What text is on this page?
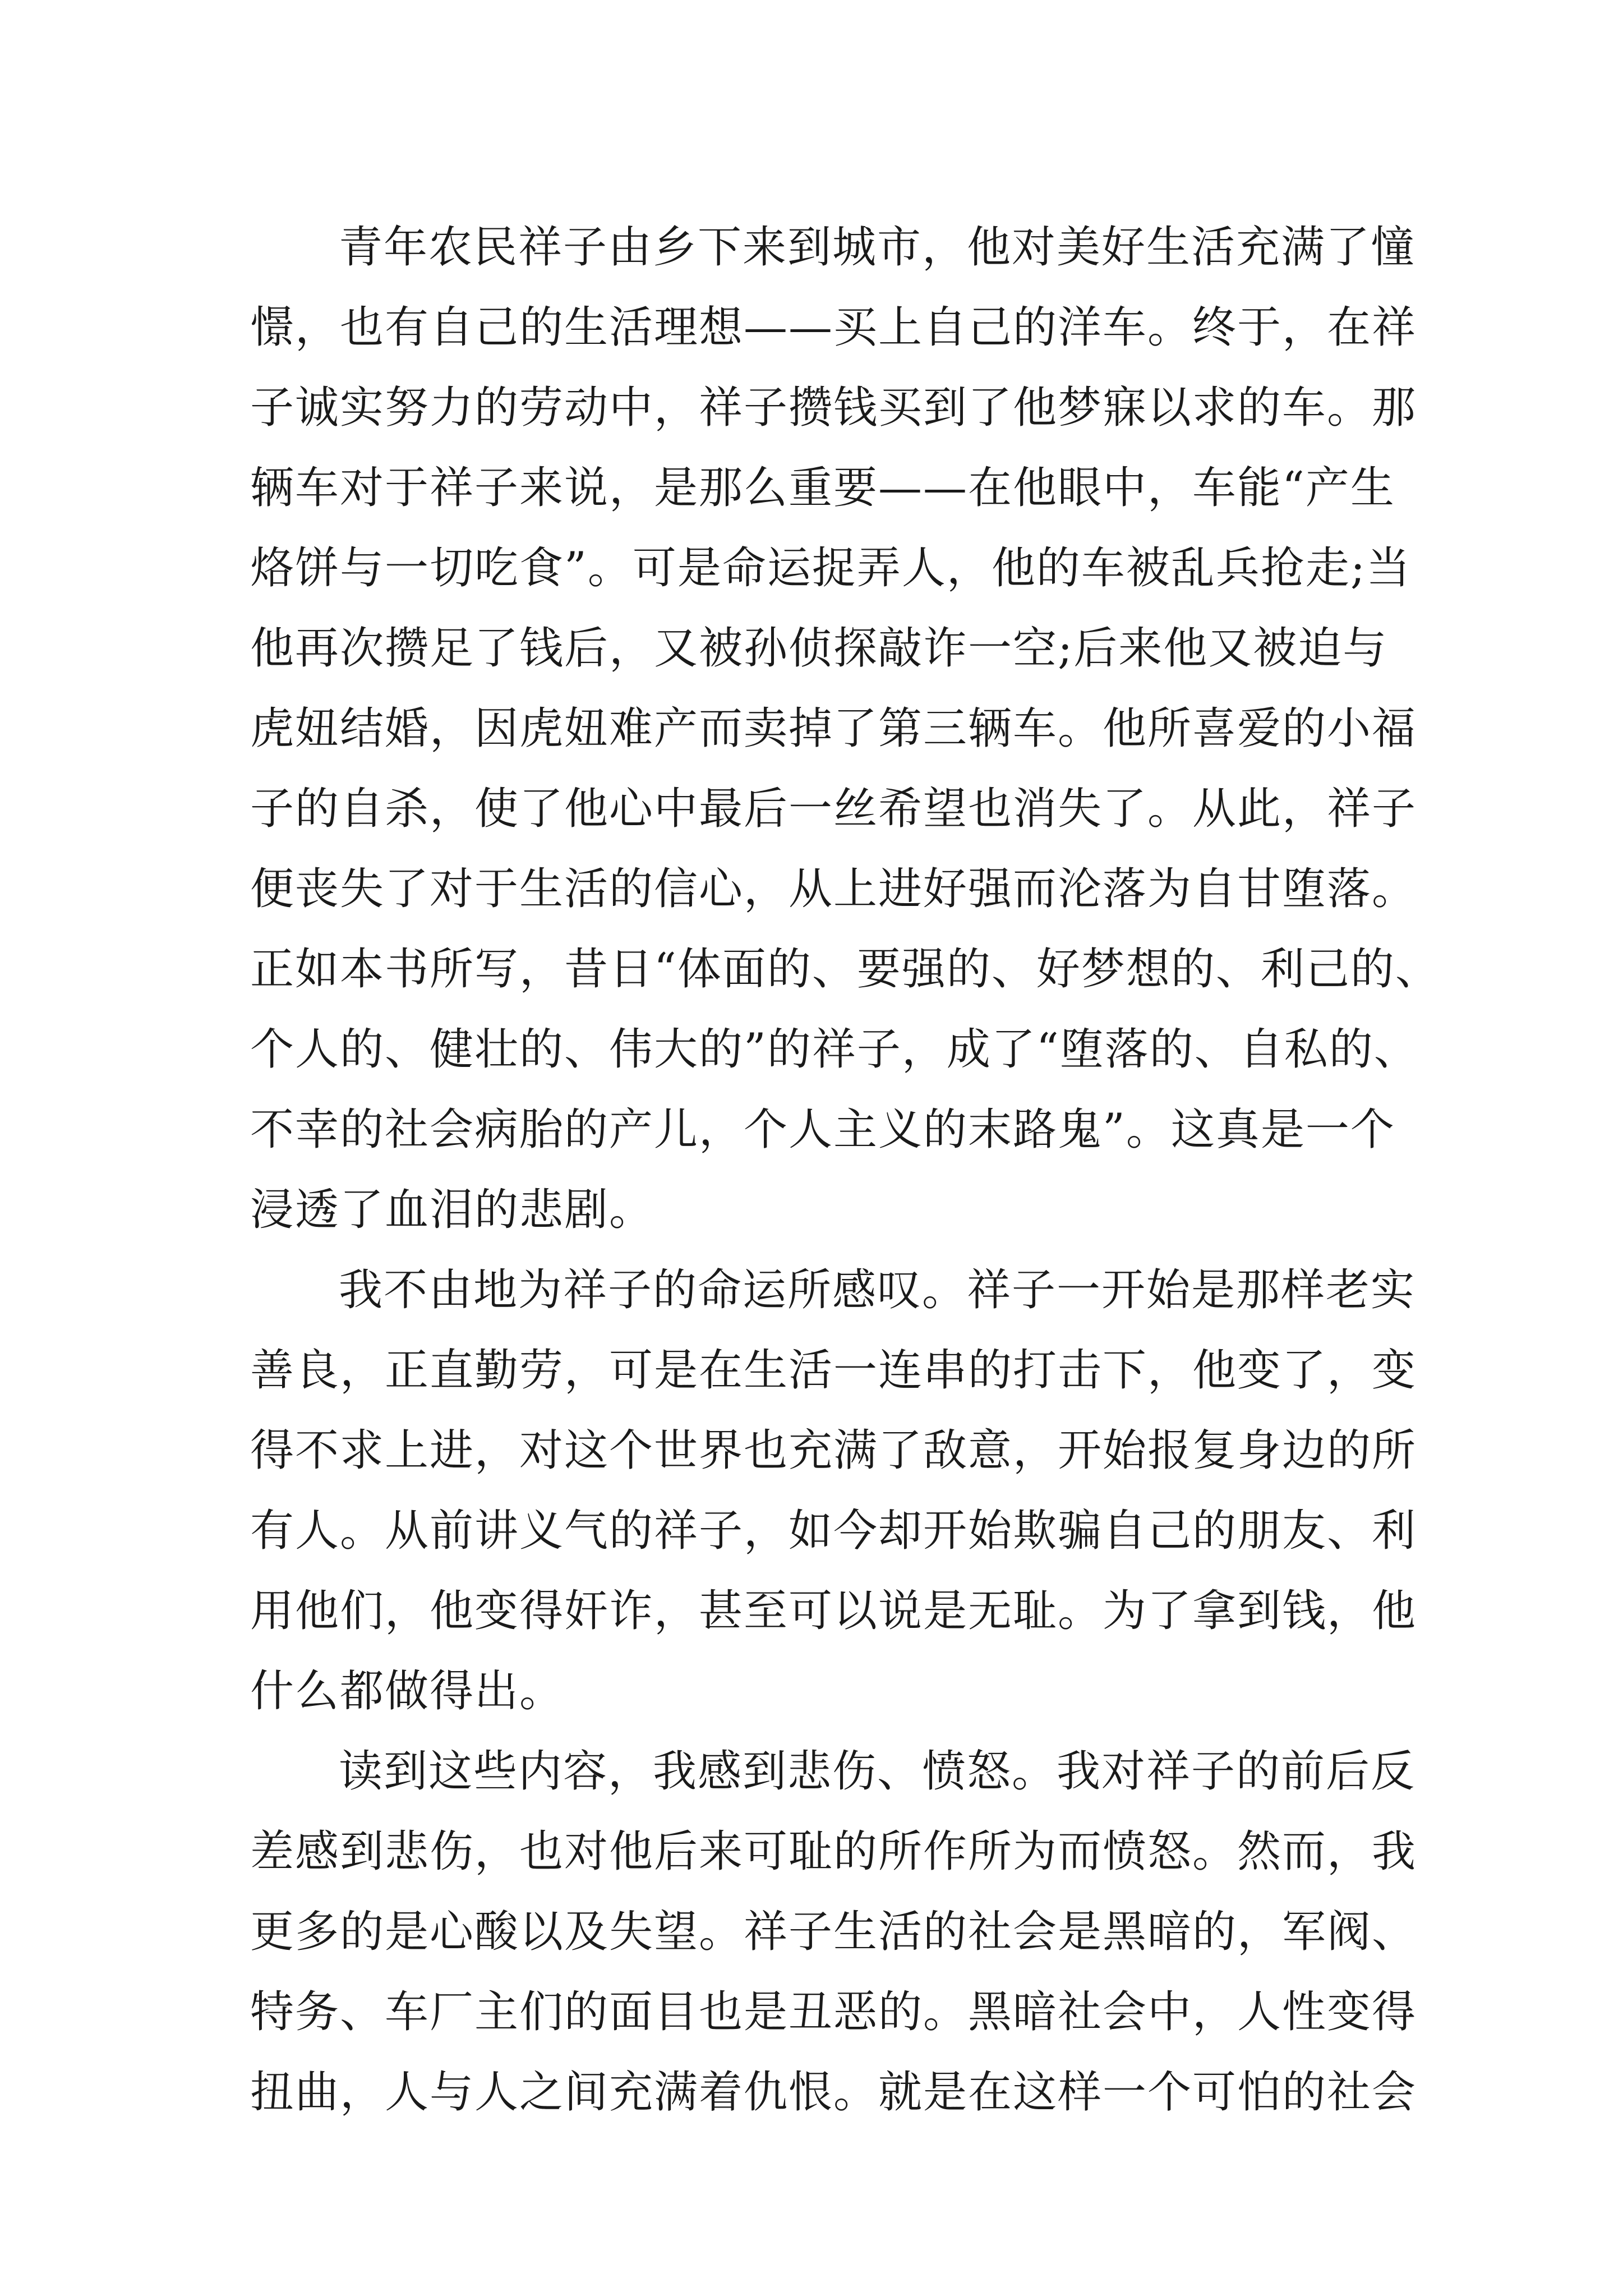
青年农民祥子由乡下来到城市，他对美好生活充满了憧
憬，也有自己的生活理想——买上自己的洋车。终于，在祥
子诚实努力的劳动中，祥子攒钱买到了他梦寐以求的车。那
辆车对于祥子来说，是那么重要——在他眼中，车能“产生
烙饼与一切吃食”。可是命运捉弄人，他的车被乱兵抢走;当
他再次攒足了钱后，又被孙侦探敲诈一空;后来他又被迫与
虎妞结婚，因虎妞难产而卖掉了第三辆车。他所喜爱的小福
子的自杀，使了他心中最后一丝希望也消失了。从此，祥子
便丧失了对于生活的信心，从上进好强而沦落为自甘堕落。
正如本书所写，昔日“体面的、要强的、好梦想的、利己的、
个人的、健壮的、伟大的”的祥子，成了“堕落的、自私的、
不幸的社会病胎的产儿，个人主义的末路鬼”。这真是一个
浸透了血泪的悲剧。
我不由地为祥子的命运所感叹。祥子一开始是那样老实
善良，正直勤劳，可是在生活一连串的打击下，他变了，变
得不求上进，对这个世界也充满了敌意，开始报复身边的所
有人。从前讲义气的祥子，如今却开始欺骗自己的朋友、利
用他们，他变得奸诈，甚至可以说是无耻。为了拿到钱，他
什么都做得出。
读到这些内容，我感到悲伤、愤怒。我对祥子的前后反
差感到悲伤，也对他后来可耻的所作所为而愤怒。然而，我
更多的是心酸以及失望。祥子生活的社会是黑暗的，军阀、
特务、车厂主们的面目也是丑恶的。黑暗社会中，人性变得
扭曲，人与人之间充满着仇恨。就是在这样一个可怕的社会
